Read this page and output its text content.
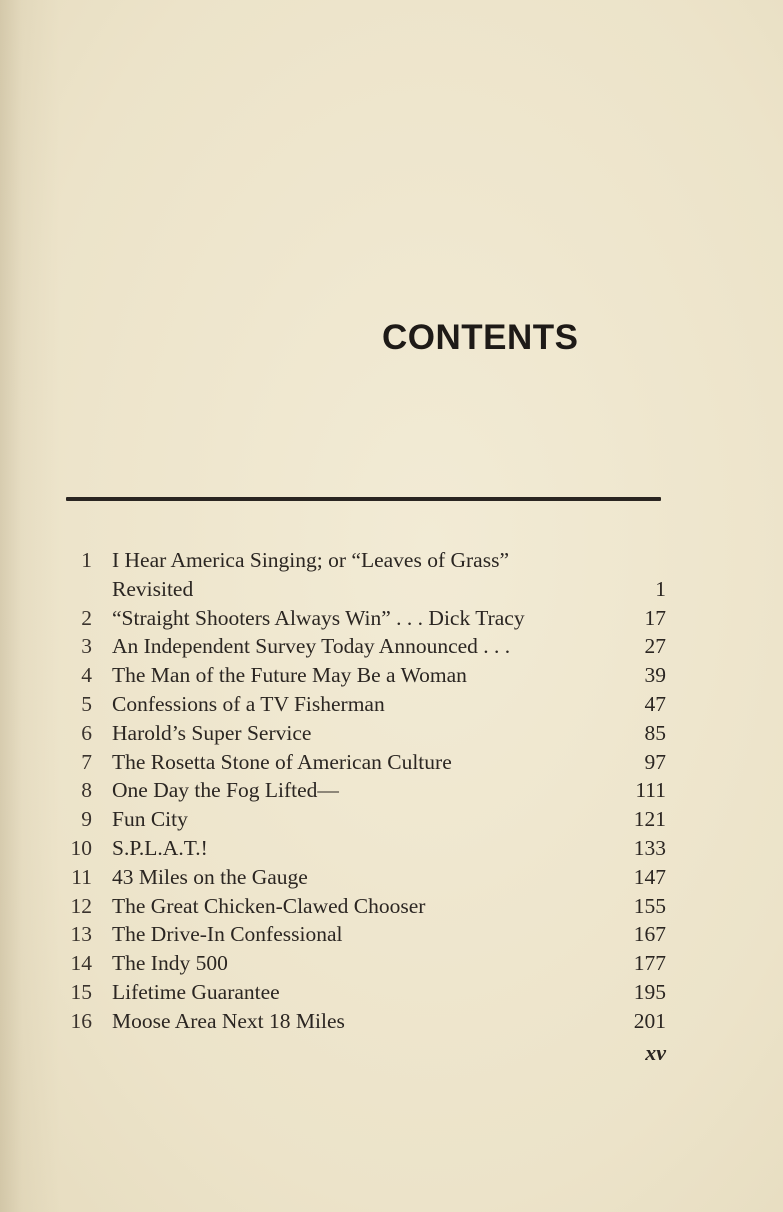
CONTENTS
1 I Hear America Singing; or “Leaves of Grass”
Revisited	1
2 “Straight Shooters Always Win” . . . Dick Tracy	17
3 An Independent Survey Today Announced . . .	27
4 The Man of the Future May Be a Woman	39
5 Confessions of a TV Fisherman	47
6 Harold’s Super Service	85
7 The Rosetta Stone of American Culture	97
8 One Day the Fog Lifted—	111
9 Fun City	121
10 S.P.L.A.T.!	133
11 43 Miles on the Gauge	147
12 The Great Chicken-Clawed Chooser	155
13 The Drive-In Confessional	167
14 The Indy 500	177
15 Lifetime Guarantee	195
16 Moose Area Next 18 Miles	201
xv
